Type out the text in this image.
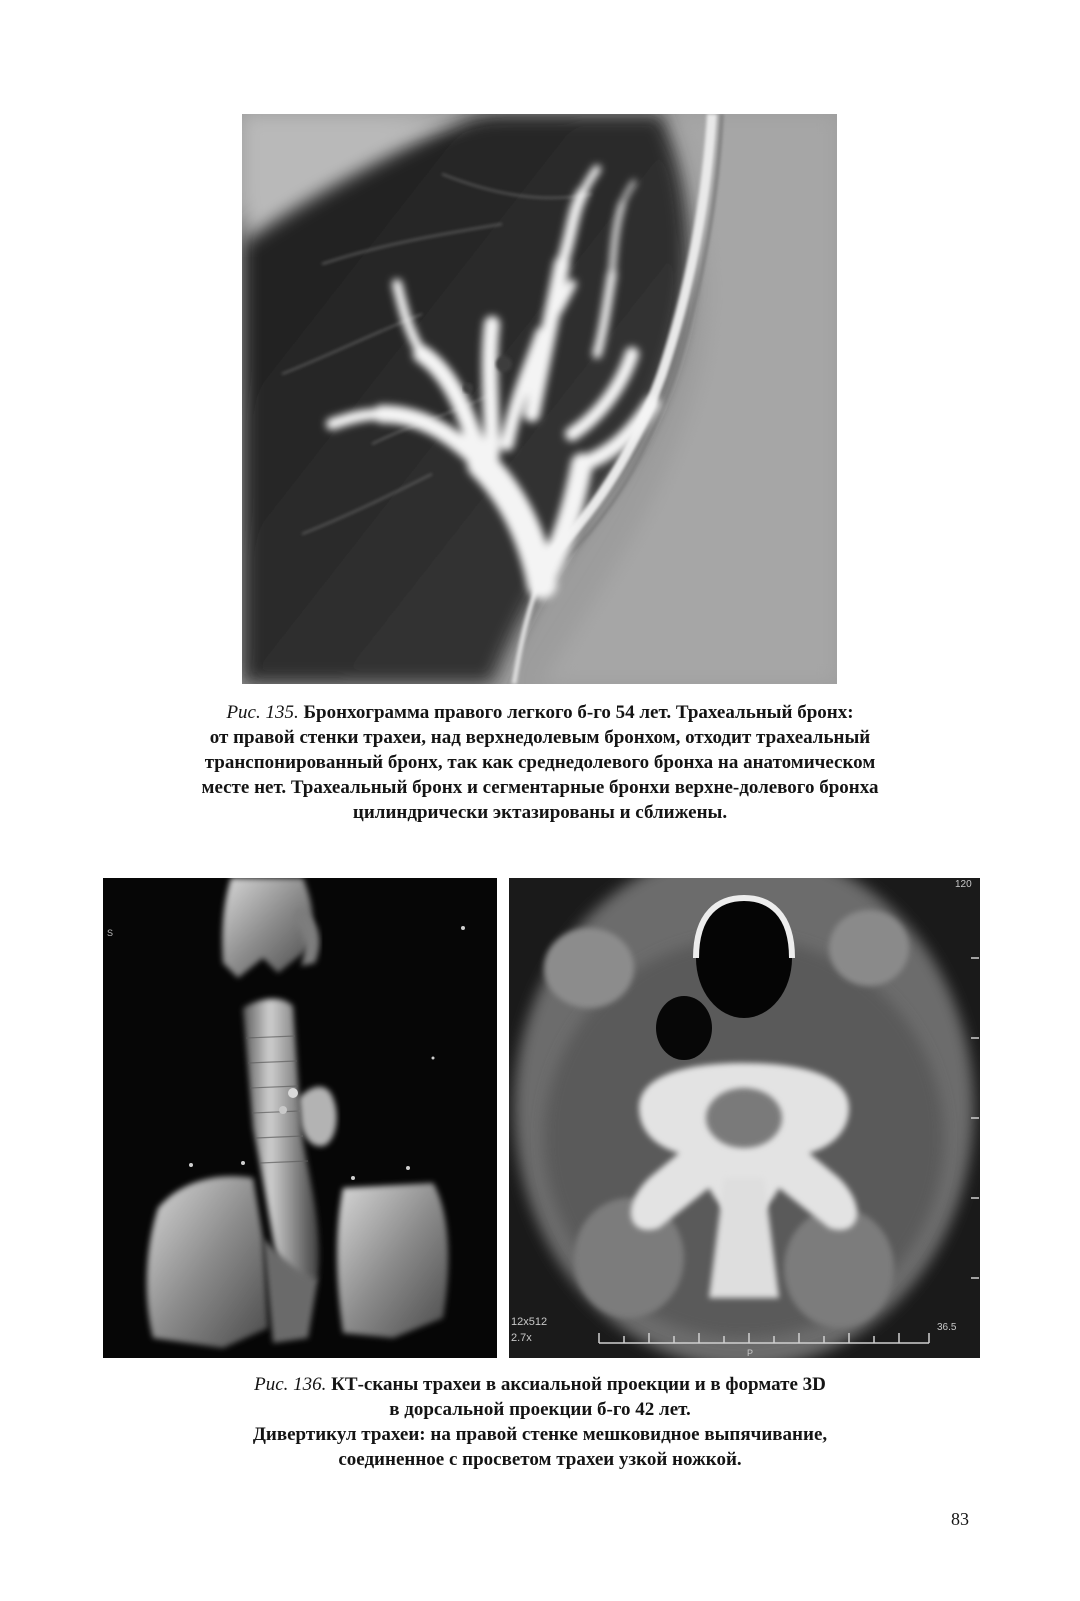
Рис. 135. Бронхограмма правого легкого б-го 54 лет. Трахеальный бронх:
от правой стенки трахеи, над верхнедолевым бронхом, отходит трахеальный
транспонированный бронх, так как среднедолевого бронха на анатомическом
месте нет. Трахеальный бронх и сегментарные бронхи верхне-долевого бронха
цилиндрически эктазированы и сближены.

S
120
12x512
2.7x
36.5
P

Рис. 136. КТ-сканы трахеи в аксиальной проекции и в формате 3D
в дорсальной проекции б-го 42 лет.
Дивертикул трахеи: на правой стенке мешковидное выпячивание,
соединенное с просветом трахеи узкой ножкой.

83
